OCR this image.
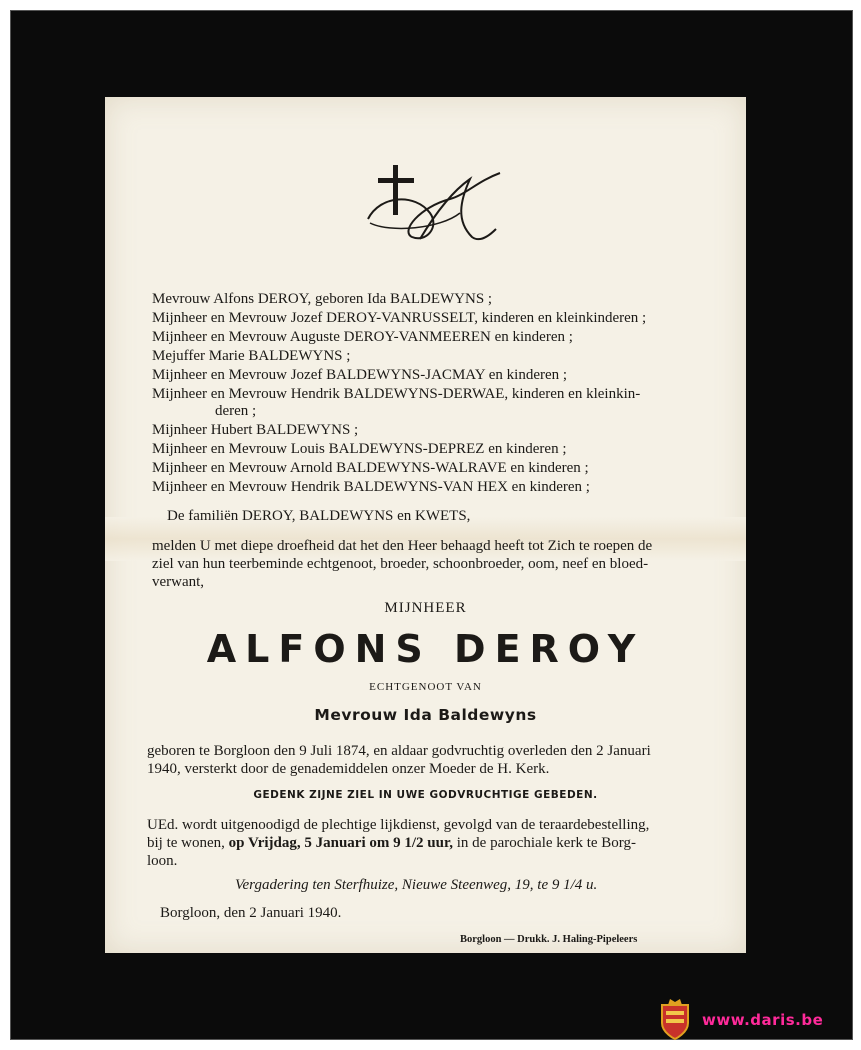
Mevrouw Alfons DEROY, geboren Ida BALDEWYNS ;
Mijnheer en Mevrouw Jozef DEROY-VANRUSSELT, kinderen en kleinkinderen ;
Mijnheer en Mevrouw Auguste DEROY-VANMEEREN en kinderen ;
Mejuffer Marie BALDEWYNS ;
Mijnheer en Mevrouw Jozef BALDEWYNS-JACMAY en kinderen ;
Mijnheer en Mevrouw Hendrik BALDEWYNS-DERWAE, kinderen en kleinkin-
deren ;
Mijnheer Hubert BALDEWYNS ;
Mijnheer en Mevrouw Louis BALDEWYNS-DEPREZ en kinderen ;
Mijnheer en Mevrouw Arnold BALDEWYNS-WALRAVE en kinderen ;
Mijnheer en Mevrouw Hendrik BALDEWYNS-VAN HEX en kinderen ;
De familiën DEROY, BALDEWYNS en KWETS,
melden U met diepe droefheid dat het den Heer behaagd heeft tot Zich te roepen de
ziel van hun teerbeminde echtgenoot, broeder, schoonbroeder, oom, neef en bloed-
verwant,
MIJNHEER
ALFONS DEROY
ECHTGENOOT VAN
Mevrouw Ida Baldewyns
geboren te Borgloon den 9 Juli 1874, en aldaar godvruchtig overleden den 2 Januari
1940, versterkt door de genademiddelen onzer Moeder de H. Kerk.
GEDENK ZIJNE ZIEL IN UWE GODVRUCHTIGE GEBEDEN.
UEd. wordt uitgenoodigd de plechtige lijkdienst, gevolgd van de teraardebestelling,
bij te wonen, op Vrijdag, 5 Januari om 9 1/2 uur, in de parochiale kerk te Borg-
loon.
Vergadering ten Sterfhuize, Nieuwe Steenweg, 19, te 9 1/4 u.
Borgloon, den 2 Januari 1940.
Borgloon — Drukk. J. Haling-Pipeleers
www.daris.be
